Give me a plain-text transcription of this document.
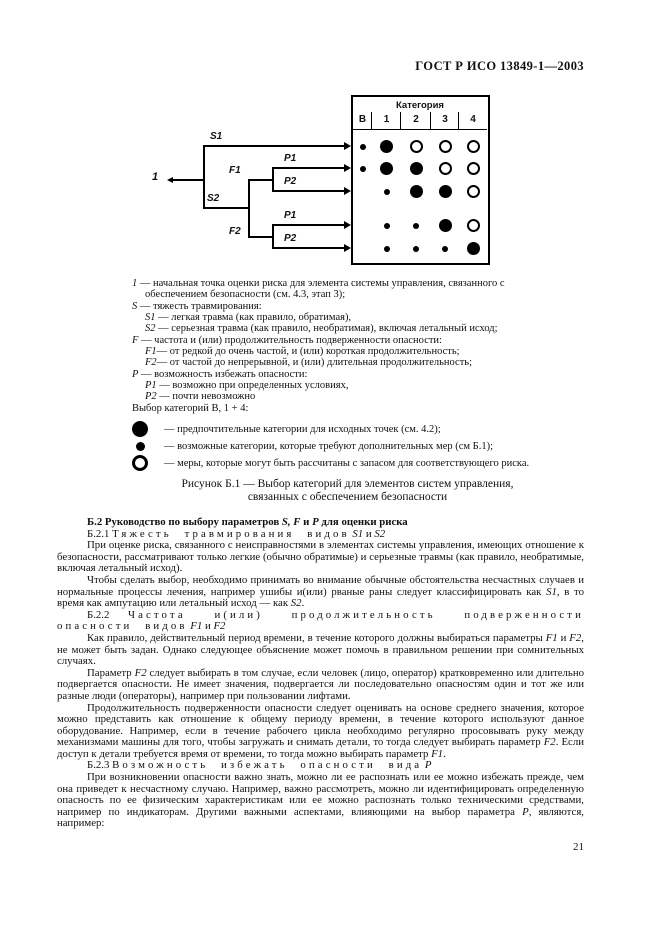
ГОСТ Р ИСО 13849-1—2003
1
S1
S2
F1
F2
P1
P2
P1
P2
Категория
В	1	2	3	4
1 — начальная точка оценки риска для элемента системы управления, связанного с
обеспечением безопасности (см. 4.3, этап 3);
S — тяжесть травмирования:
S1 — легкая травма (как правило, обратимая),
S2 — серьезная травма (как правило, необратимая), включая летальный исход;
F — частота и (или) продолжительность подверженности опасности:
F1— от редкой до очень частой, и (или) короткая продолжительность;
F2— от частой до непрерывной, и (или) длительная продолжительность;
P — возможность избежать опасности:
P1 — возможно при определенных условиях,
P2 — почти невозможно
Выбор категорий В, 1 + 4:
— предпочтительные категории для исходных точек (см. 4.2);
— возможные категории, которые требуют дополнительных мер (см Б.1);
— меры, которые могут быть рассчитаны с запасом для соответствующего риска.
Рисунок Б.1 — Выбор категорий для элементов систем управления,
связанных с обеспечением безопасности
Б.2 Руководство по выбору параметров S, F и Р для оценки риска
Б.2.1 Тяжесть травмирования видов S1 и S2
При оценке риска, связанного с неисправностями в элементах системы управления, имеющих отношение к безопасности, рассматривают только легкие (обычно обратимые) и серьезные травмы (как правило, необратимые, включая летальный исход).
Чтобы сделать выбор, необходимо принимать во внимание обычные обстоятельства несчастных случаев и нормальные процессы лечения, например ушибы и(или) рваные раны следует классифицировать как S1, в то время как ампутацию или летальный исход — как S2.
Б.2.2 Частота и(или) продолжительность подверженности опасности видов F1 и F2
Как правило, действительный период времени, в течение которого должны выбираться параметры F1 и F2, не может быть задан. Однако следующее объяснение может помочь в правильном решении при сомнительных случаях.
Параметр F2 следует выбирать в том случае, если человек (лицо, оператор) кратковременно или длительно подвергается опасности. Не имеет значения, подвергается ли последовательно опасностям один и тот же или разные люди (операторы), например при пользовании лифтами.
Продолжительность подверженности опасности следует оценивать на основе среднего значения, которое можно представить как отношение к общему периоду времени, в течение которого используют данное оборудование. Например, если в течение рабочего цикла необходимо регулярно просовывать руку между механизмами машины для того, чтобы загружать и снимать детали, то тогда следует выбирать параметр F2. Если доступ к детали требуется время от времени, то тогда можно выбирать параметр F1.
Б.2.3 Возможность избежать опасности вида Р
При возникновении опасности важно знать, можно ли ее распознать или ее можно избежать прежде, чем она приведет к несчастному случаю. Например, важно рассмотреть, можно ли идентифицировать определенную опасность по ее физическим характеристикам или ее можно распознать только техническими средствами, например по индикаторам. Другими важными аспектами, влияющими на выбор параметра Р, являются, например:
21
